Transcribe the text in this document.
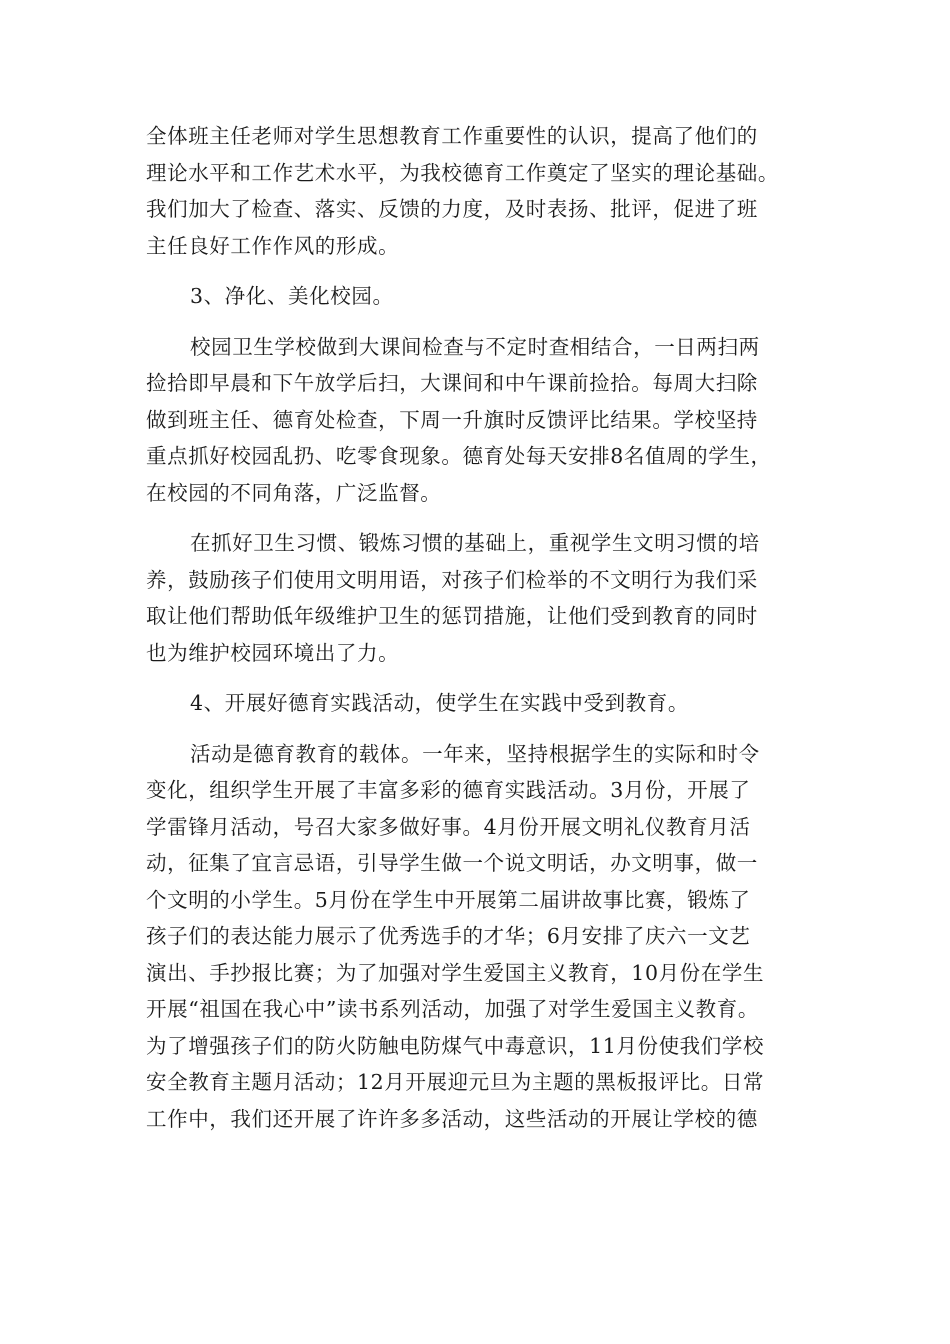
全体班主任老师对学生思想教育工作重要性的认识，提高了他们的
理论水平和工作艺术水平，为我校德育工作奠定了坚实的理论基础。
我们加大了检查、落实、反馈的力度，及时表扬、批评，促进了班
主任良好工作作风的形成。
3、净化、美化校园。
校园卫生学校做到大课间检查与不定时查相结合，一日两扫两
捡拾即早晨和下午放学后扫，大课间和中午课前捡拾。每周大扫除
做到班主任、德育处检查，下周一升旗时反馈评比结果。学校坚持
重点抓好校园乱扔、吃零食现象。德育处每天安排8名值周的学生，
在校园的不同角落，广泛监督。
在抓好卫生习惯、锻炼习惯的基础上，重视学生文明习惯的培
养，鼓励孩子们使用文明用语，对孩子们检举的不文明行为我们采
取让他们帮助低年级维护卫生的惩罚措施，让他们受到教育的同时
也为维护校园环境出了力。
4、开展好德育实践活动，使学生在实践中受到教育。
活动是德育教育的载体。一年来，坚持根据学生的实际和时令
变化，组织学生开展了丰富多彩的德育实践活动。3月份，开展了
学雷锋月活动，号召大家多做好事。4月份开展文明礼仪教育月活
动，征集了宜言忌语，引导学生做一个说文明话，办文明事，做一
个文明的小学生。5月份在学生中开展第二届讲故事比赛，锻炼了
孩子们的表达能力展示了优秀选手的才华；6月安排了庆六一文艺
演出、手抄报比赛；为了加强对学生爱国主义教育，10月份在学生
开展“祖国在我心中”读书系列活动，加强了对学生爱国主义教育。
为了增强孩子们的防火防触电防煤气中毒意识，11月份使我们学校
安全教育主题月活动；12月开展迎元旦为主题的黑板报评比。日常
工作中，我们还开展了许许多多活动，这些活动的开展让学校的德
